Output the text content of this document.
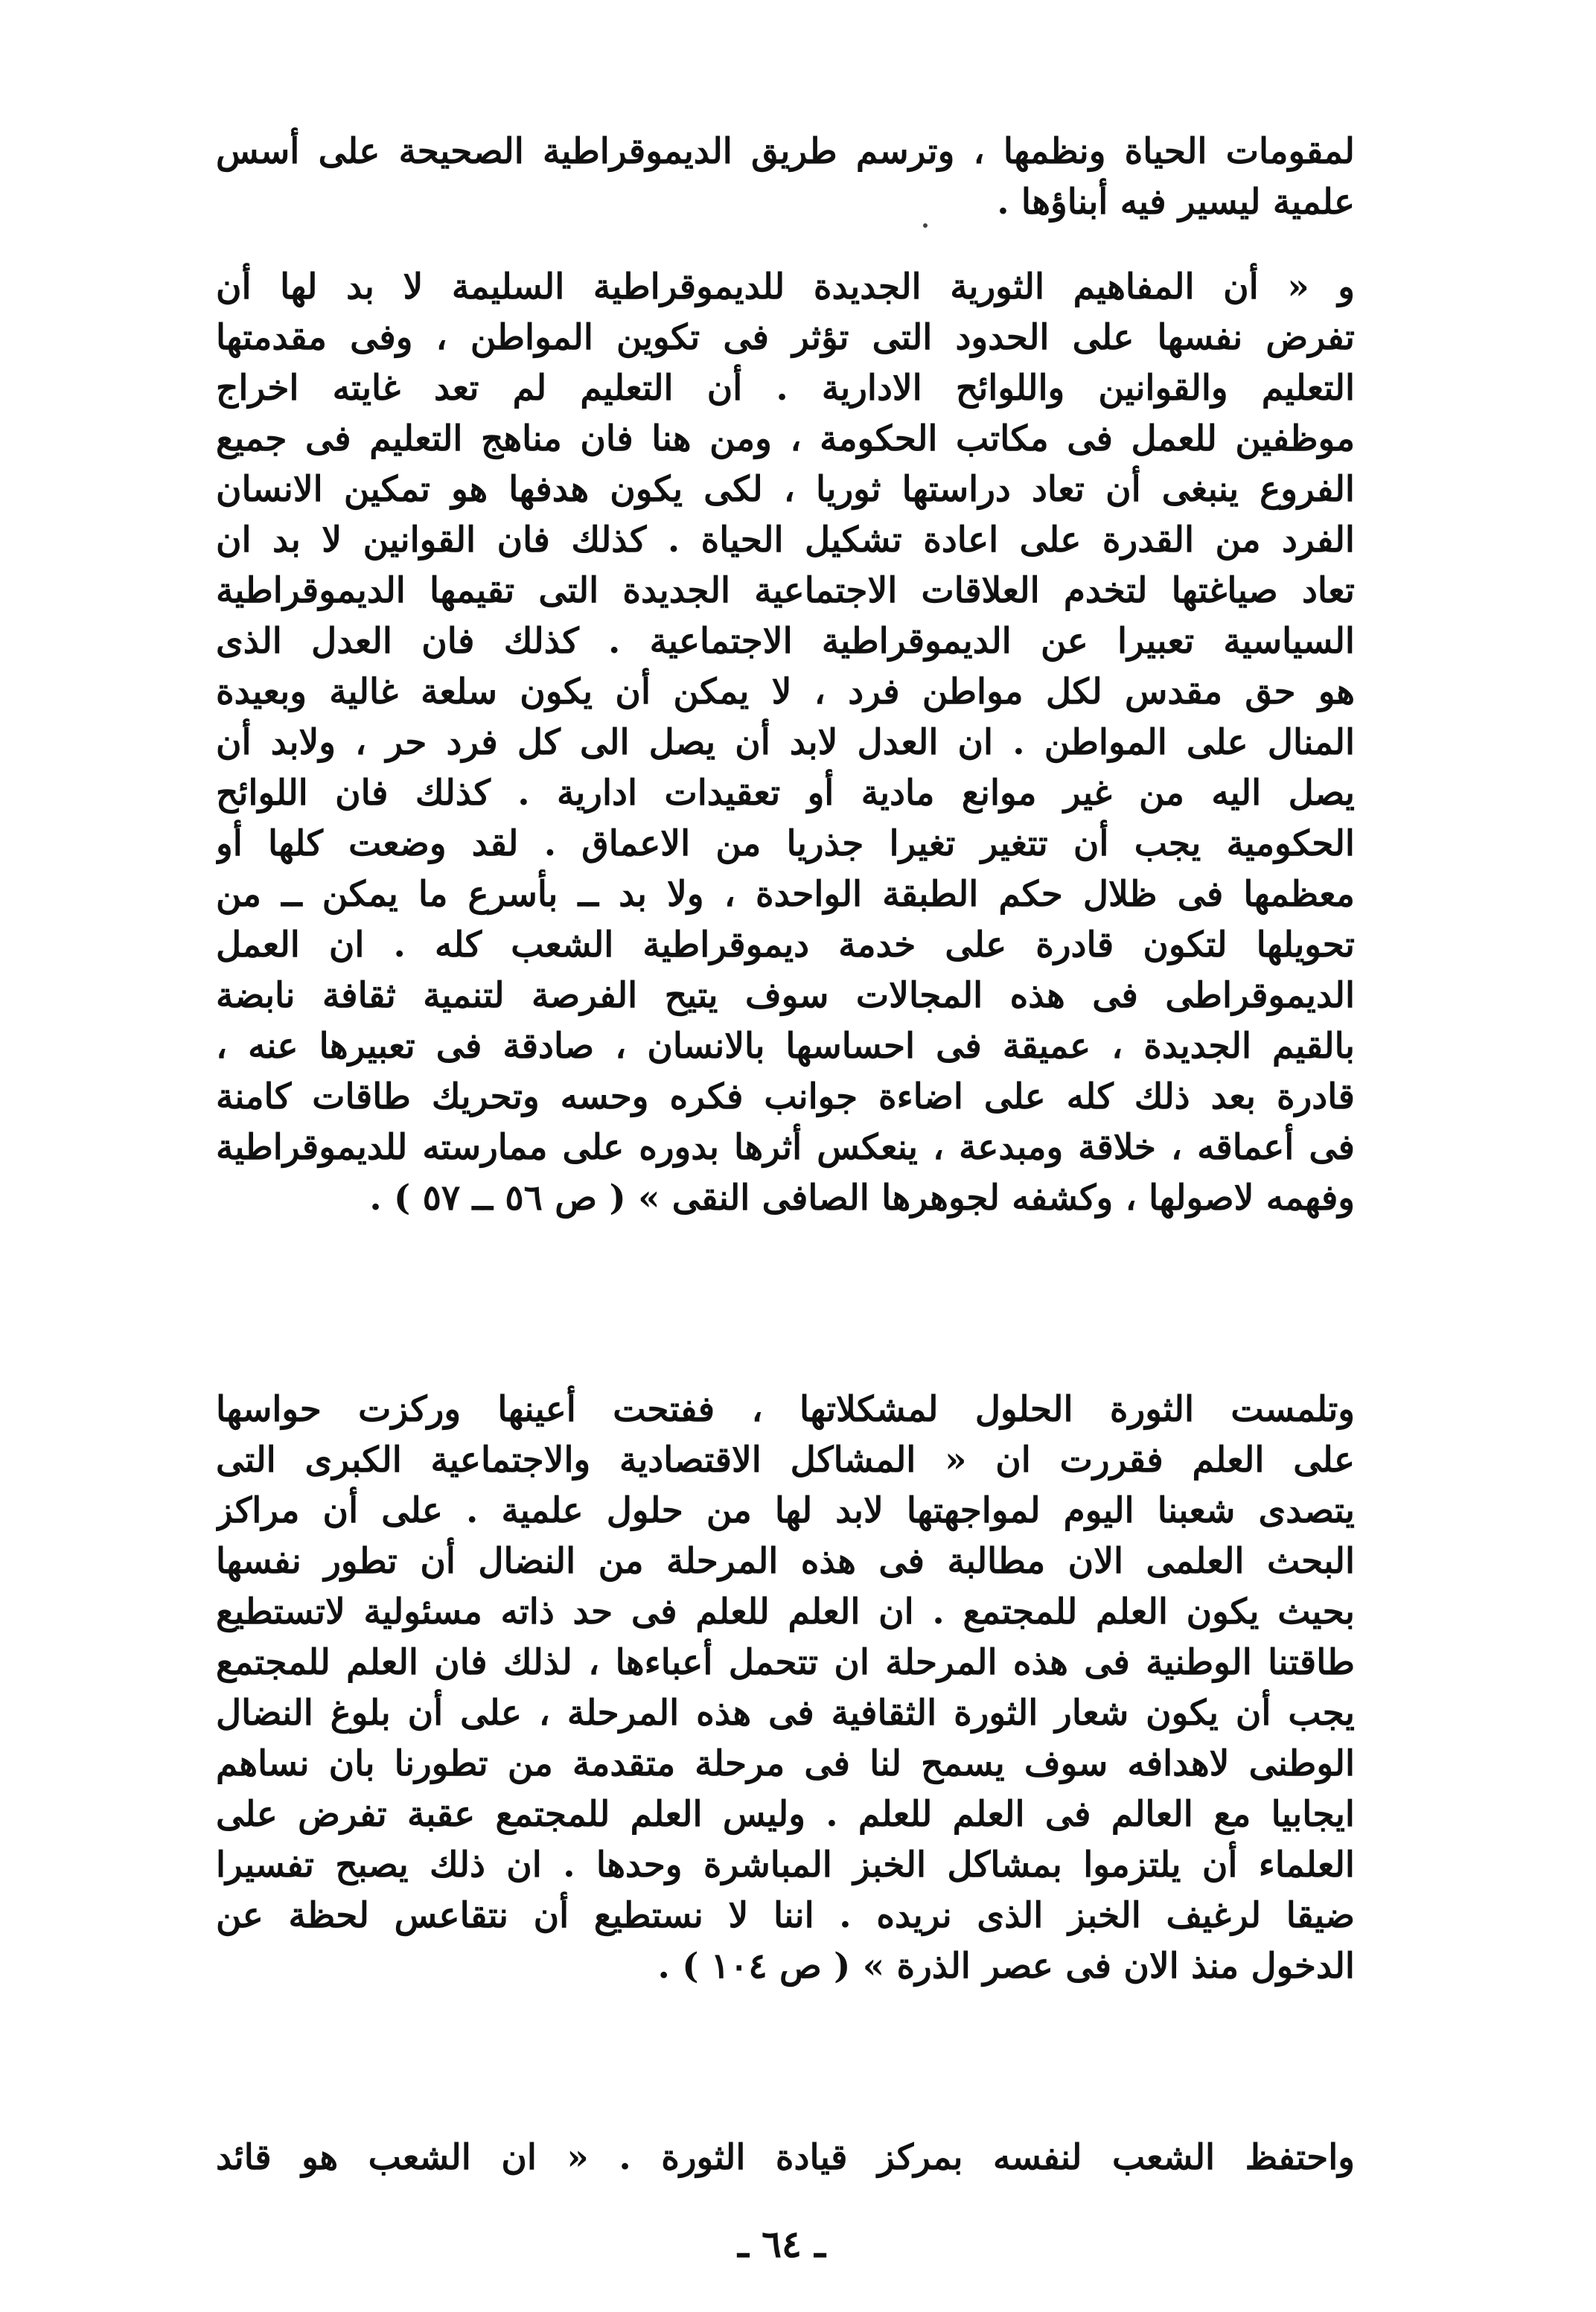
لمقومات الحياة ونظمها ، وترسم طريق الديموقراطية الصحيحة على أسس
علمية ليسير فيه أبناؤها .
و « أن المفاهيم الثورية الجديدة للديموقراطية السليمة لا بد لها أن
تفرض نفسها على الحدود التى تؤثر فى تكوين المواطن ، وفى مقدمتها
التعليم والقوانين واللوائح الادارية . أن التعليم لم تعد غايته اخراج
موظفين للعمل فى مكاتب الحكومة ، ومن هنا فان مناهج التعليم فى جميع
الفروع ينبغى أن تعاد دراستها ثوريا ، لكى يكون هدفها هو تمكين الانسان
الفرد من القدرة على اعادة تشكيل الحياة . كذلك فان القوانين لا بد ان
تعاد صياغتها لتخدم العلاقات الاجتماعية الجديدة التى تقيمها الديموقراطية
السياسية تعبيرا عن الديموقراطية الاجتماعية . كذلك فان العدل الذى
هو حق مقدس لكل مواطن فرد ، لا يمكن أن يكون سلعة غالية وبعيدة
المنال على المواطن . ان العدل لابد أن يصل الى كل فرد حر ، ولابد أن
يصل اليه من غير موانع مادية أو تعقيدات ادارية . كذلك فان اللوائح
الحكومية يجب أن تتغير تغيرا جذريا من الاعماق . لقد وضعت كلها أو
معظمها فى ظلال حكم الطبقة الواحدة ، ولا بد ــ بأسرع ما يمكن ــ من
تحويلها لتكون قادرة على خدمة ديموقراطية الشعب كله . ان العمل
الديموقراطى فى هذه المجالات سوف يتيح الفرصة لتنمية ثقافة نابضة
بالقيم الجديدة ، عميقة فى احساسها بالانسان ، صادقة فى تعبيرها عنه ،
قادرة بعد ذلك كله على اضاءة جوانب فكره وحسه وتحريك طاقات كامنة
فى أعماقه ، خلاقة ومبدعة ، ينعكس أثرها بدوره على ممارسته للديموقراطية
وفهمه لاصولها ، وكشفه لجوهرها الصافى النقى » ( ص ٥٦ ــ ٥٧ ) .
وتلمست الثورة الحلول لمشكلاتها ، ففتحت أعينها وركزت حواسها
على العلم فقررت ان « المشاكل الاقتصادية والاجتماعية الكبرى التى
يتصدى شعبنا اليوم لمواجهتها لابد لها من حلول علمية . على أن مراكز
البحث العلمى الان مطالبة فى هذه المرحلة من النضال أن تطور نفسها
بحيث يكون العلم للمجتمع . ان العلم للعلم فى حد ذاته مسئولية لاتستطيع
طاقتنا الوطنية فى هذه المرحلة ان تتحمل أعباءها ، لذلك فان العلم للمجتمع
يجب أن يكون شعار الثورة الثقافية فى هذه المرحلة ، على أن بلوغ النضال
الوطنى لاهدافه سوف يسمح لنا فى مرحلة متقدمة من تطورنا بان نساهم
ايجابيا مع العالم فى العلم للعلم . وليس العلم للمجتمع عقبة تفرض على
العلماء أن يلتزموا بمشاكل الخبز المباشرة وحدها . ان ذلك يصبح تفسيرا
ضيقا لرغيف الخبز الذى نريده . اننا لا نستطيع أن نتقاعس لحظة عن
الدخول منذ الان فى عصر الذرة » ( ص ١٠٤ ) .
واحتفظ الشعب لنفسه بمركز قيادة الثورة . « ان الشعب هو قائد
ـ ٦٤ ـ
